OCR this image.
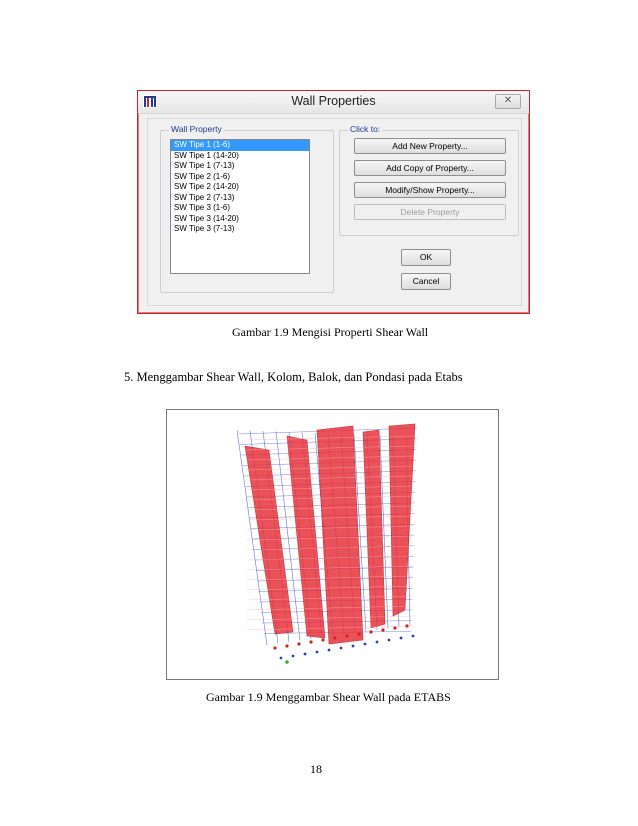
Wall Properties	✕
Wall Property
SW Tipe 1 (1-6)
SW Tipe 1 (14-20)
SW Tipe 1 (7-13)
SW Tipe 2 (1-6)
SW Tipe 2 (14-20)
SW Tipe 2 (7-13)
SW Tipe 3 (1-6)
SW Tipe 3 (14-20)
SW Tipe 3 (7-13)
Click to:
Add New Property...
Add Copy of Property...
Modify/Show Property...
Delete Property
OK
Cancel
Gambar 1.9 Mengisi Properti Shear Wall
5. Menggambar Shear Wall, Kolom, Balok, dan Pondasi pada Etabs
Gambar 1.9 Menggambar Shear Wall pada ETABS
18
